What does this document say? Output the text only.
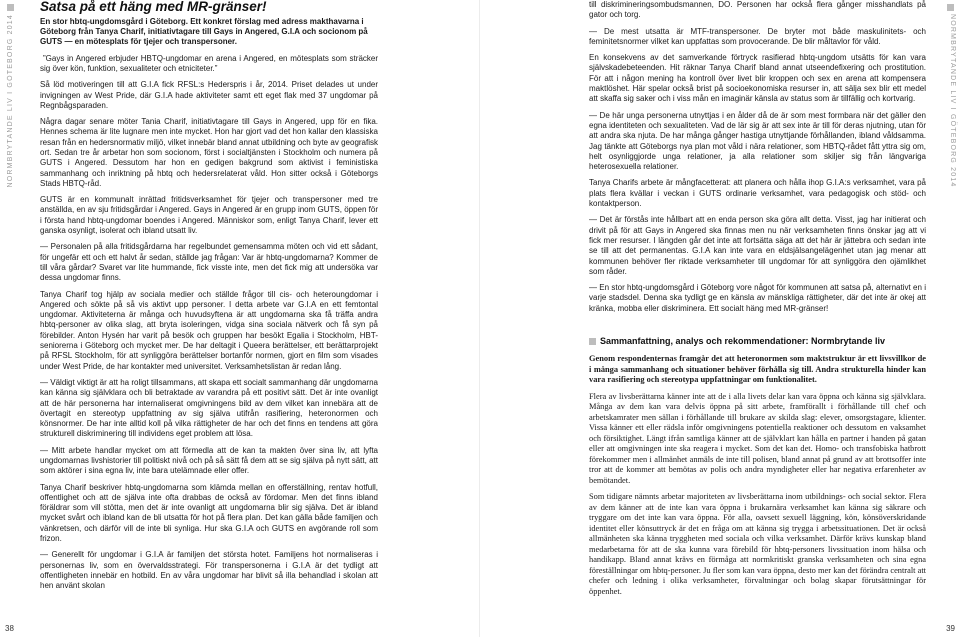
NORMBRYTANDE LIV I GÖTEBORG 2014
Satsa på ett häng med MR-gränser!
En stor hbtq-ungdomsgård i Göteborg. Ett konkret förslag med adress makthavarna i
Göteborg från Tanya Charif, initiativtagare till Gays in Angered, G.I.A och socionom på
GUTS — en mötesplats för tjejer och transpersoner.

”Gays in Angered erbjuder HBTQ-ungdomar en arena i Angered, en mötesplats som sträcker sig över kön, funktion, sexualiteter och etniciteter.”

Så löd motiveringen till att G.I.A fick RFSL:s Hederspris i år, 2014. Priset delades ut under invigningen av West Pride, där G.I.A hade aktiviteter samt ett eget flak med 37 ungdomar på Regnbågsparaden.

Några dagar senare möter Tania Charif, initiativtagare till Gays in Angered, upp för en fika. Hennes schema är lite lugnare men inte mycket. Hon har gjort vad det hon kallar den klassiska resan från en hedersnormativ miljö, vilket innebär bland annat utbildning och byte av geografisk ort. Sedan tre år arbetar hon som socionom, först i socialtjänsten i Stockholm och numera på GUTS i Angered. Dessutom har hon en gedigen bakgrund som aktivist i feministiska sammanhang och inriktning på hbtq och hedersrelaterat våld. Hon sitter också i Göteborgs Stads HBTQ-råd.

GUTS är en kommunalt inrättad fritidsverksamhet för tjejer och transpersoner med tre anställda, en av sju fritidsgårdar i Angered. Gays in Angered är en grupp inom GUTS, öppen för i första hand hbtq-ungdomar boendes i Angered. Människor som, enligt Tanya Charif, lever ett ganska osynligt, isolerat och ibland utsatt liv.

— Personalen på alla fritidsgårdarna har regelbundet gemensamma möten och vid ett sådant, för ungefär ett och ett halvt år sedan, ställde jag frågan: Var är hbtq-ungdomarna? Kommer de till våra gårdar? Svaret var lite hummande, fick visste inte, men det fick mig att undersöka var dessa ungdomar finns.

Tanya Charif tog hjälp av sociala medier och ställde frågor till cis- och heteroungdomar i Angered och sökte på så vis aktivt upp personer. I detta arbete var G.I.A en ett femtontal ungdomar. Aktiviteterna är många och huvudsyftena är att ungdomarna ska få träffa andra hbtq-personer av olika slag, att bryta isoleringen, vidga sina sociala nätverk och få syn på förebilder. Anton Hysén har varit på besök och gruppen har besökt Egalia i Stockholm, HBT-seniorerna i Göteborg och mycket mer. De har deltagit i Queera berättelser, ett berättarprojekt på RFSL Stockholm, för att synliggöra berättelser bortanför normen, gjort en film som visades under West Pride, de har kontakter med universitet. Verksamhetslistan är redan lång.

— Väldigt viktigt är att ha roligt tillsammans, att skapa ett socialt sammanhang där ungdomarna kan känna sig självklara och bli betraktade av varandra på ett positivt sätt. Det är inte ovanligt att de här personerna har internaliserat omgivningens bild av dem vilket kan innebära att de övertagit en stereotyp uppfattning av sig själva utifrån rasifiering, heteronormen och könsnormer. De har inte alltid koll på vilka rättigheter de har och det finns en tendens att göra strukturell diskriminering till individens eget problem att lösa.

— Mitt arbete handlar mycket om att förmedla att de kan ta makten över sina liv, att lyfta ungdomarnas livshistorier till politiskt nivå och på så sätt få dem att se sig själva på nytt sätt, att som aktörer i sina egna liv, inte bara utelämnade eller offer.

Tanya Charif beskriver hbtq-ungdomarna som klämda mellan en offerställning, rentav hotfull, offentlighet och att de själva inte ofta drabbas de också av fördomar. Men det finns ibland föräldrar som vill stötta, men det är inte ovanligt att ungdomarna blir sig själva. Det är ibland mycket svårt och ibland kan de bli utsatta för hot på flera plan. Det kan gälla både familjen och vänkretsen, och därför vill de inte bli synliga. Hur ska G.I.A och GUTS en avgörande roll som frizon.

— Generellt för ungdomar i G.I.A är familjen det största hotet. Familjens hot normaliseras i personernas liv, som en övervaldsstrategi. För transpersonerna i G.I.A är det tydligt att offentligheten innebär en hotbild. En av våra ungdomar har blivit så illa behandlad i skolan att hen använt skolan

38
NORMBRYTANDE LIV I GÖTEBORG 2014

till diskrimineringsombudsmannen, DO. Personen har också flera gånger misshandlats på gator och torg.

— De mest utsatta är MTF-transpersoner. De bryter mot både maskulinitets- och feminitetsnormer vilket kan uppfattas som provocerande. De blir måltavlor för våld.

En konsekvens av det samverkande förtryck rasifierad hbtq-ungdom utsätts för kan vara självskadebeteenden. Hit räknar Tanya Charif bland annat utseendefixering och prostitution. För att i någon mening ha kontroll över livet blir kroppen och sex en arena att kompensera maktlöshet. Här spelar också brist på socioekonomiska resurser in, att sälja sex blir ett medel att skaffa sig saker och i viss mån en imaginär känsla av status som är tillfällig och kortvarig.

— De här unga personerna utnyttjas i en ålder då de är som mest formbara när det gäller den egna identiteten och sexualiteten. Vad de lär sig är att sex inte är till för deras njutning, utan för att andra ska njuta. De har många gånger hastiga utnyttjande förhållanden, ibland våldsamma. Jag tänkte att Göteborgs nya plan mot våld i nära relationer, som HBTQ-rådet fått yttra sig om, helt osynliggjorde unga relationer, ja alla relationer som skiljer sig från längvariga heterosexuella relationer.

Tanya Charifs arbete är mångfacetterat: att planera och hålla ihop G.I.A:s verksamhet, vara på plats flera kvällar i veckan i GUTS ordinarie verksamhet, vara pedagogisk och stöd- och kontaktperson.

— Det är förstås inte hållbart att en enda person ska göra allt detta. Visst, jag har initierat och drivit på för att Gays in Angered ska finnas men nu när verksamheten finns önskar jag att vi fick mer resurser. I längden går det inte att fortsätta säga att det här är jättebra och sedan inte se till att det permanentas. G.I.A kan inte vara en eldsjälsangelägenhet utan jag menar att kommunen behöver fler riktade verksamheter till ungdomar för att synliggöra den ojämlikhet som råder.

— En stor hbtq-ungdomsgård i Göteborg vore något för kommunen att satsa på, alternativt en i varje stadsdel. Denna ska tydligt ge en känsla av mänskliga rättigheter, där det inte är okej att kränka, mobba eller diskriminera. Ett socialt häng med MR-gränser!

Sammanfattning, analys och rekommendationer: Normbrytande liv

Genom respondenternas framgår det att heteronormen som maktstruktur är ett livsvillkor de i många sammanhang och situationer behöver förhålla sig till. Andra strukturella hinder kan vara rasifiering och stereotypa uppfattningar om funktionalitet.

Flera av livsberättarna känner inte att de i alla livets delar kan vara öppna och känna sig självklara. Många av dem kan vara delvis öppna på sitt arbete, framförallt i förhållande till chef och arbetskamrater men sällan i förhållande till brukare av skilda slag: elever, omsorgstagare, klienter. Vissa känner ett eller rädsla inför omgivningens potentiella reaktioner och dessutom en vaksamhet och försiktighet. Längt ifrån samtliga känner att de självklart kan hålla en partner i handen på gatan eller att omgivningen inte ska reagera i mycket. Som det kan det. Homo- och transfobiska hatbrott förekommer men i allmänhet anmäls de inte till polisen, bland annat på grund av att brottsoffer inte tror att de kommer att bemötas av polis och andra myndigheter eller har negativa erfarenheter av bemötandet.

Som tidigare nämnts arbetar majoriteten av livsberättarna inom utbildnings- och social sektor. Flera av dem känner att de inte kan vara öppna i brukarnära verksamhet kan känna sig säkrare och tryggare om det inte kan vara öppna. För alla, oavsett sexuell läggning, kön, könsöverskridande identitet eller könsuttryck är det en fråga om att känna sig trygga i arbetssituationen. Det är också allmänheten ska känna tryggheten med sociala och vilka verksamhet. Därför krävs kunskap bland medarbetarna för att de ska kunna vara förebild för hbtq-personers livssituation inom hälsa och handikapp. Bland annat krävs en förmåga att normkritiskt granska verksamheten och sina egna föreställningar om hbtq-personer. Ju fler som kan vara öppna, desto mer kan det förändra centralt att chefer och ledning i olika verksamheter, förvaltningar och bolag skapar förutsättningar för öppenhet.

39
